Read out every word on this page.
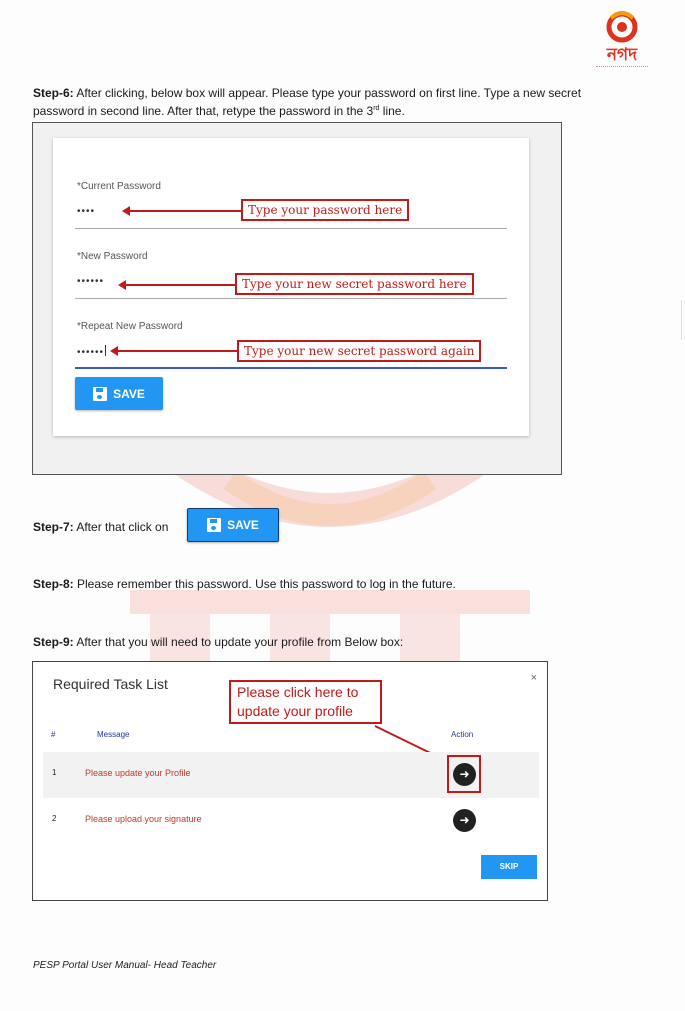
নগদ

Step-6: After clicking, below box will appear. Please type your password on first line. Type a new secret password in second line. After that, retype the password in the 3rd line.

*Current Password
••••	Type your password here
*New Password
••••••	Type your new secret password here
*Repeat New Password
••••••	Type your new secret password again
SAVE

Step-7: After that click on	SAVE

Step-8: Please remember this password. Use this password to log in the future.

Step-9: After that you will need to update your profile from Below box:

Required Task List	×
Please click here to update your profile
#	Message	Action
1	Please update your Profile	➜
2	Please upload your signature	➜
SKIP
PESP Portal User Manual- Head Teacher
